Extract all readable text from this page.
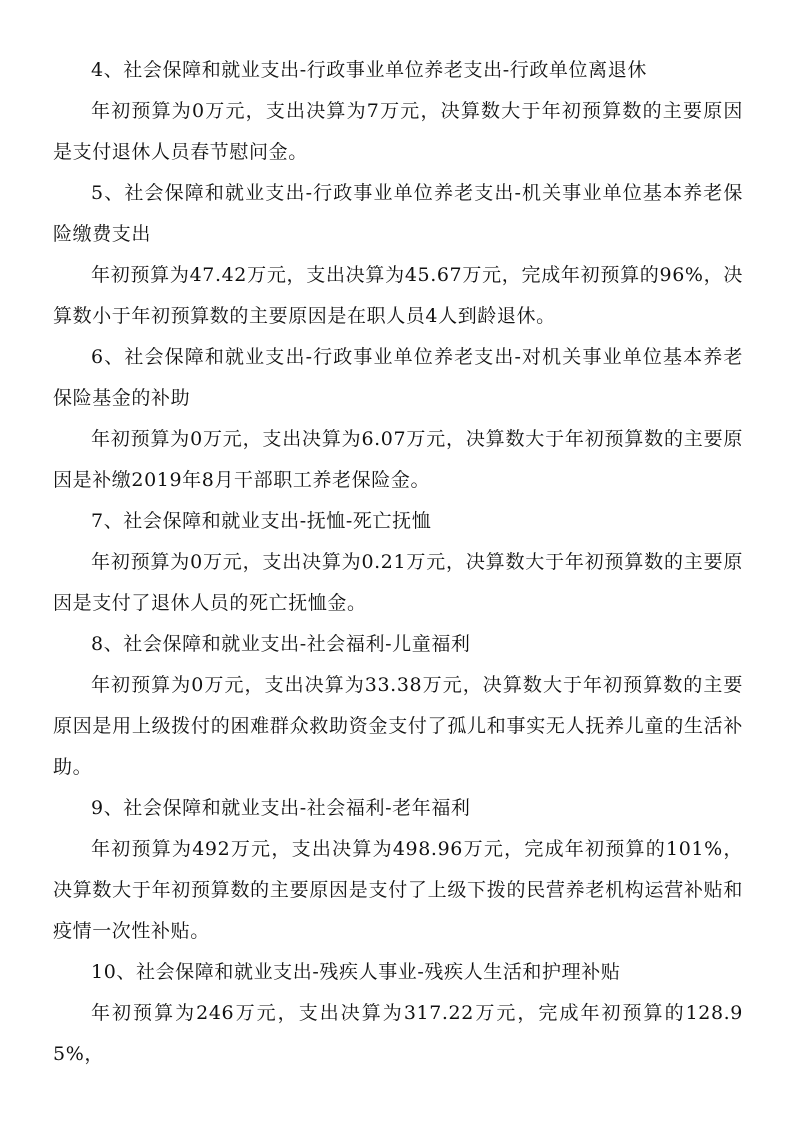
4、社会保障和就业支出-行政事业单位养老支出-行政单位离退休

年初预算为0万元，支出决算为7万元，决算数大于年初预算数的主要原因是支付退休人员春节慰问金。

5、社会保障和就业支出-行政事业单位养老支出-机关事业单位基本养老保险缴费支出

年初预算为47.42万元，支出决算为45.67万元，完成年初预算的96%，决算数小于年初预算数的主要原因是在职人员4人到龄退休。

6、社会保障和就业支出-行政事业单位养老支出-对机关事业单位基本养老保险基金的补助

年初预算为0万元，支出决算为6.07万元，决算数大于年初预算数的主要原因是补缴2019年8月干部职工养老保险金。

7、社会保障和就业支出-抚恤-死亡抚恤

年初预算为0万元，支出决算为0.21万元，决算数大于年初预算数的主要原因是支付了退休人员的死亡抚恤金。

8、社会保障和就业支出-社会福利-儿童福利

年初预算为0万元，支出决算为33.38万元，决算数大于年初预算数的主要原因是用上级拨付的困难群众救助资金支付了孤儿和事实无人抚养儿童的生活补助。

9、社会保障和就业支出-社会福利-老年福利

年初预算为492万元，支出决算为498.96万元，完成年初预算的101%，决算数大于年初预算数的主要原因是支付了上级下拨的民营养老机构运营补贴和疫情一次性补贴。

10、社会保障和就业支出-残疾人事业-残疾人生活和护理补贴

年初预算为246万元，支出决算为317.22万元，完成年初预算的128.95%，
